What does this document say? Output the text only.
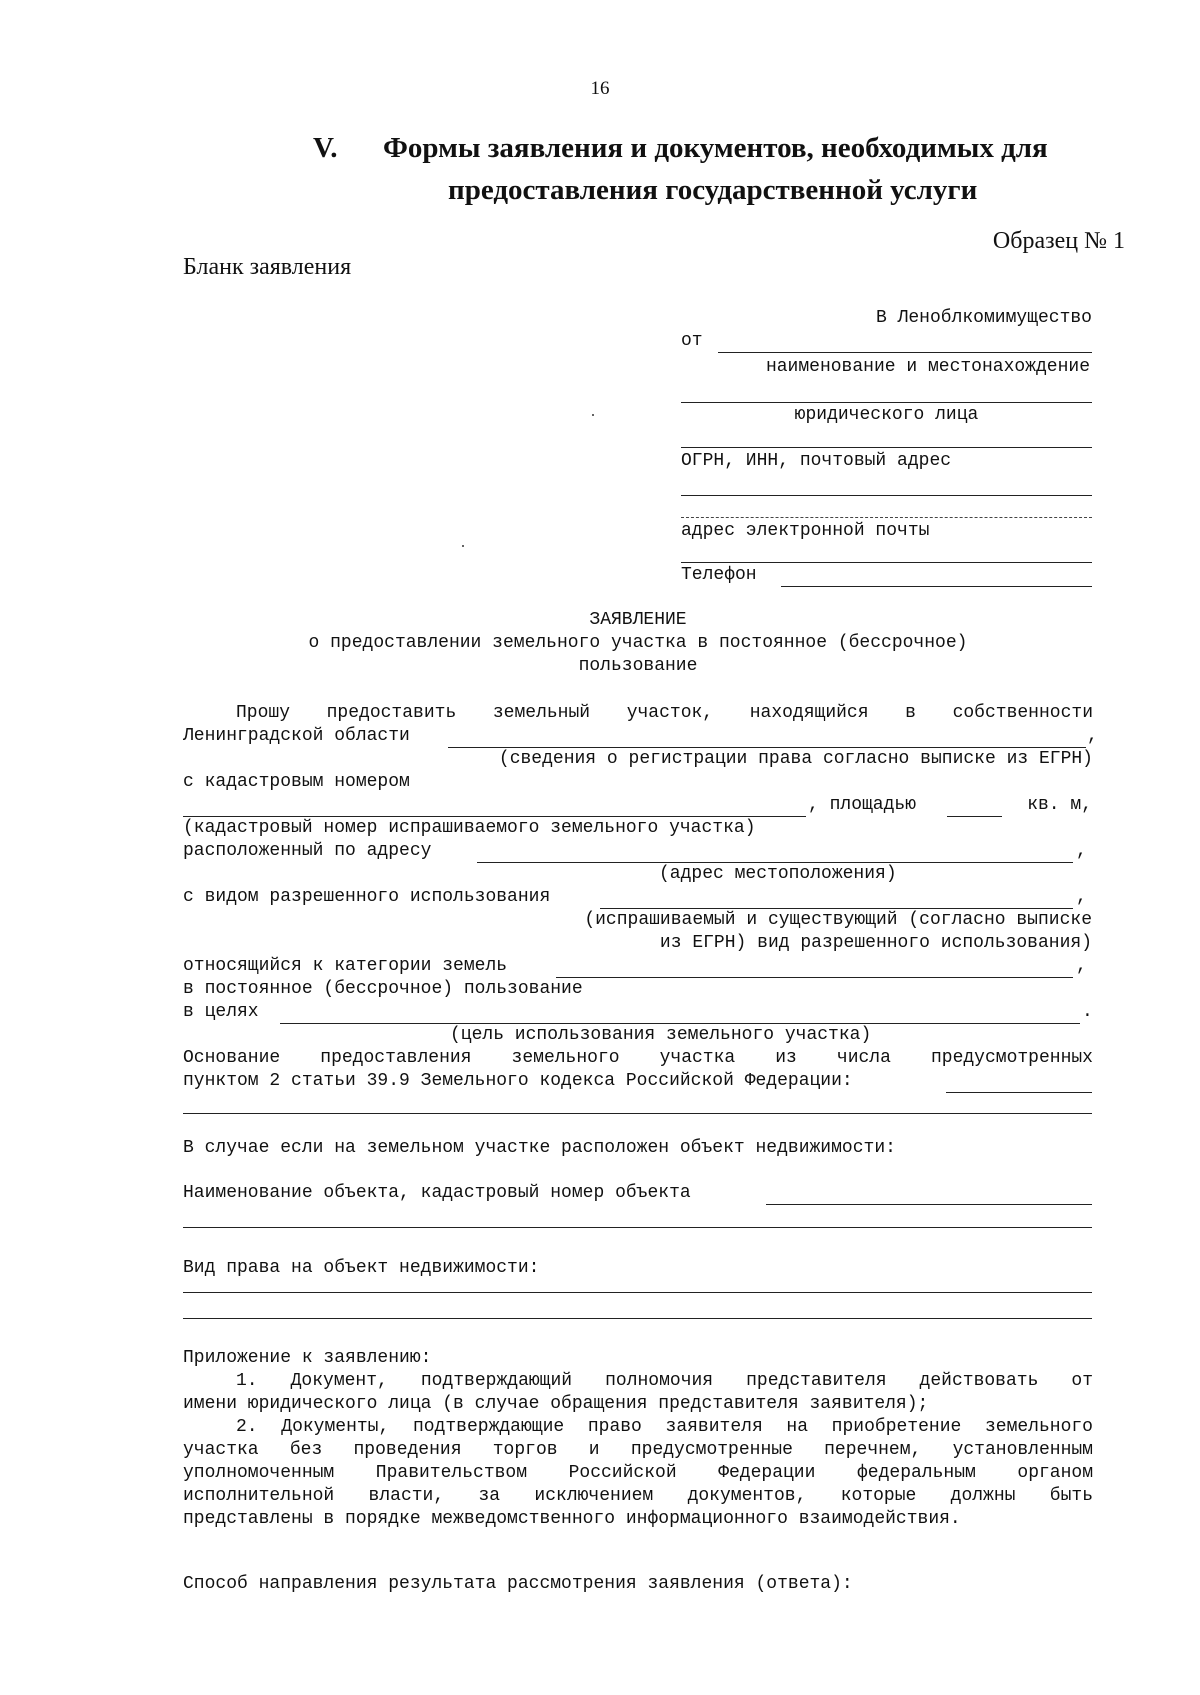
16
V. Формы заявления и документов, необходимых для
предоставления государственной услуги
Образец № 1
Бланк заявления
В Леноблкомимущество
от
наименование и местонахождение
юридического лица
ОГРН, ИНН, почтовый адрес
адрес электронной почты
Телефон
ЗАЯВЛЕНИЕ
о предоставлении земельного участка в постоянное (бессрочное)
пользование
Прошу предоставить земельный участок, находящийся в собственности
Ленинградской области	,
(сведения о регистрации права согласно выписке из ЕГРН)
с кадастровым номером
, площадью	кв. м,
(кадастровый номер испрашиваемого земельного участка)
расположенный по адресу	,
(адрес местоположения)
с видом разрешенного использования	,
(испрашиваемый и существующий (согласно выписке
из ЕГРН) вид разрешенного использования)
относящийся к категории земель	,
в постоянное (бессрочное) пользование
в целях	.
(цель использования земельного участка)
Основание предоставления земельного участка из числа предусмотренных
пунктом 2 статьи 39.9 Земельного кодекса Российской Федерации:
В случае если на земельном участке расположен объект недвижимости:
Наименование объекта, кадастровый номер объекта
Вид права на объект недвижимости:
Приложение к заявлению:
1. Документ, подтверждающий полномочия представителя действовать от
имени юридического лица (в случае обращения представителя заявителя);
2. Документы, подтверждающие право заявителя на приобретение земельного
участка без проведения торгов и предусмотренные перечнем, установленным
уполномоченным Правительством Российской Федерации федеральным органом
исполнительной власти, за исключением документов, которые должны быть
представлены в порядке межведомственного информационного взаимодействия.
Способ направления результата рассмотрения заявления (ответа):
